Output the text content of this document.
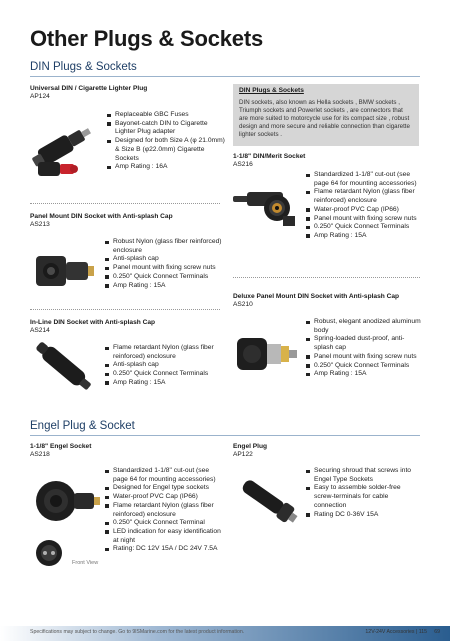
Other Plugs & Sockets
DIN Plugs & Sockets
Universal DIN / Cigarette Lighter Plug
AP124
Replaceable GBC Fuses
Bayonet-catch DIN to Cigarette Lighter Plug adapter
Designed for both Size A (φ 21.0mm) & Size B (φ22.0mm) Cigarette Sockets
Amp Rating : 16A
DIN Plugs & Sockets
DIN sockets, also known as Hella sockets , BMW sockets , Triumph sockets and Powerlet sockets , are connectors that are more suited to motorcycle use for its compact size , robust design and more secure and reliable connection than cigarette lighter sockets .
1-1/8" DIN/Merit Socket
AS216
Standardized 1-1/8" cut-out (see page 64 for mounting accessories)
Flame retardant Nylon (glass fiber reinforced) enclosure
Water-proof PVC Cap (IP66)
Panel mount with fixing screw nuts
0.250" Quick Connect Terminals
Amp Rating : 15A
Panel Mount DIN Socket with Anti-splash Cap
AS213
Robust Nylon (glass fiber reinforced) enclosure
Anti-splash cap
Panel mount with fixing screw nuts
0.250" Quick Connect Terminals
Amp Rating : 15A
Deluxe Panel Mount DIN Socket with Anti-splash Cap
AS210
Robust, elegant anodized aluminum body
Spring-loaded dust-proof, anti-splash cap
Panel mount with fixing screw nuts
0.250" Quick Connect Terminals
Amp Rating : 15A
In-Line DIN Socket with Anti-splash Cap
AS214
Flame retardant Nylon (glass fiber reinforced) enclosure
Anti-splash cap
0.250" Quick Connect Terminals
Amp Rating : 15A
Engel Plug & Socket
1-1/8" Engel Socket
AS218
Front View
Standardized 1-1/8" cut-out (see page 64 for mounting accessories)
Designed for Engel type sockets
Water-proof PVC Cap (IP66)
Flame retardant Nylon (glass fiber reinforced) enclosure
0.250" Quick Connect Terminal
LED indication for easy identification at night
Rating: DC 12V 15A / DC 24V 7.5A
Engel Plug
AP122
Securing shroud that screws into Engel Type Sockets
Easy to assemble solder-free screw-terminals for cable connection
Rating DC 0-36V 15A
Specifications may subject to change. Go to 9lSMarine.com for the latest product information.	12V-24V Accessories | 115 69
